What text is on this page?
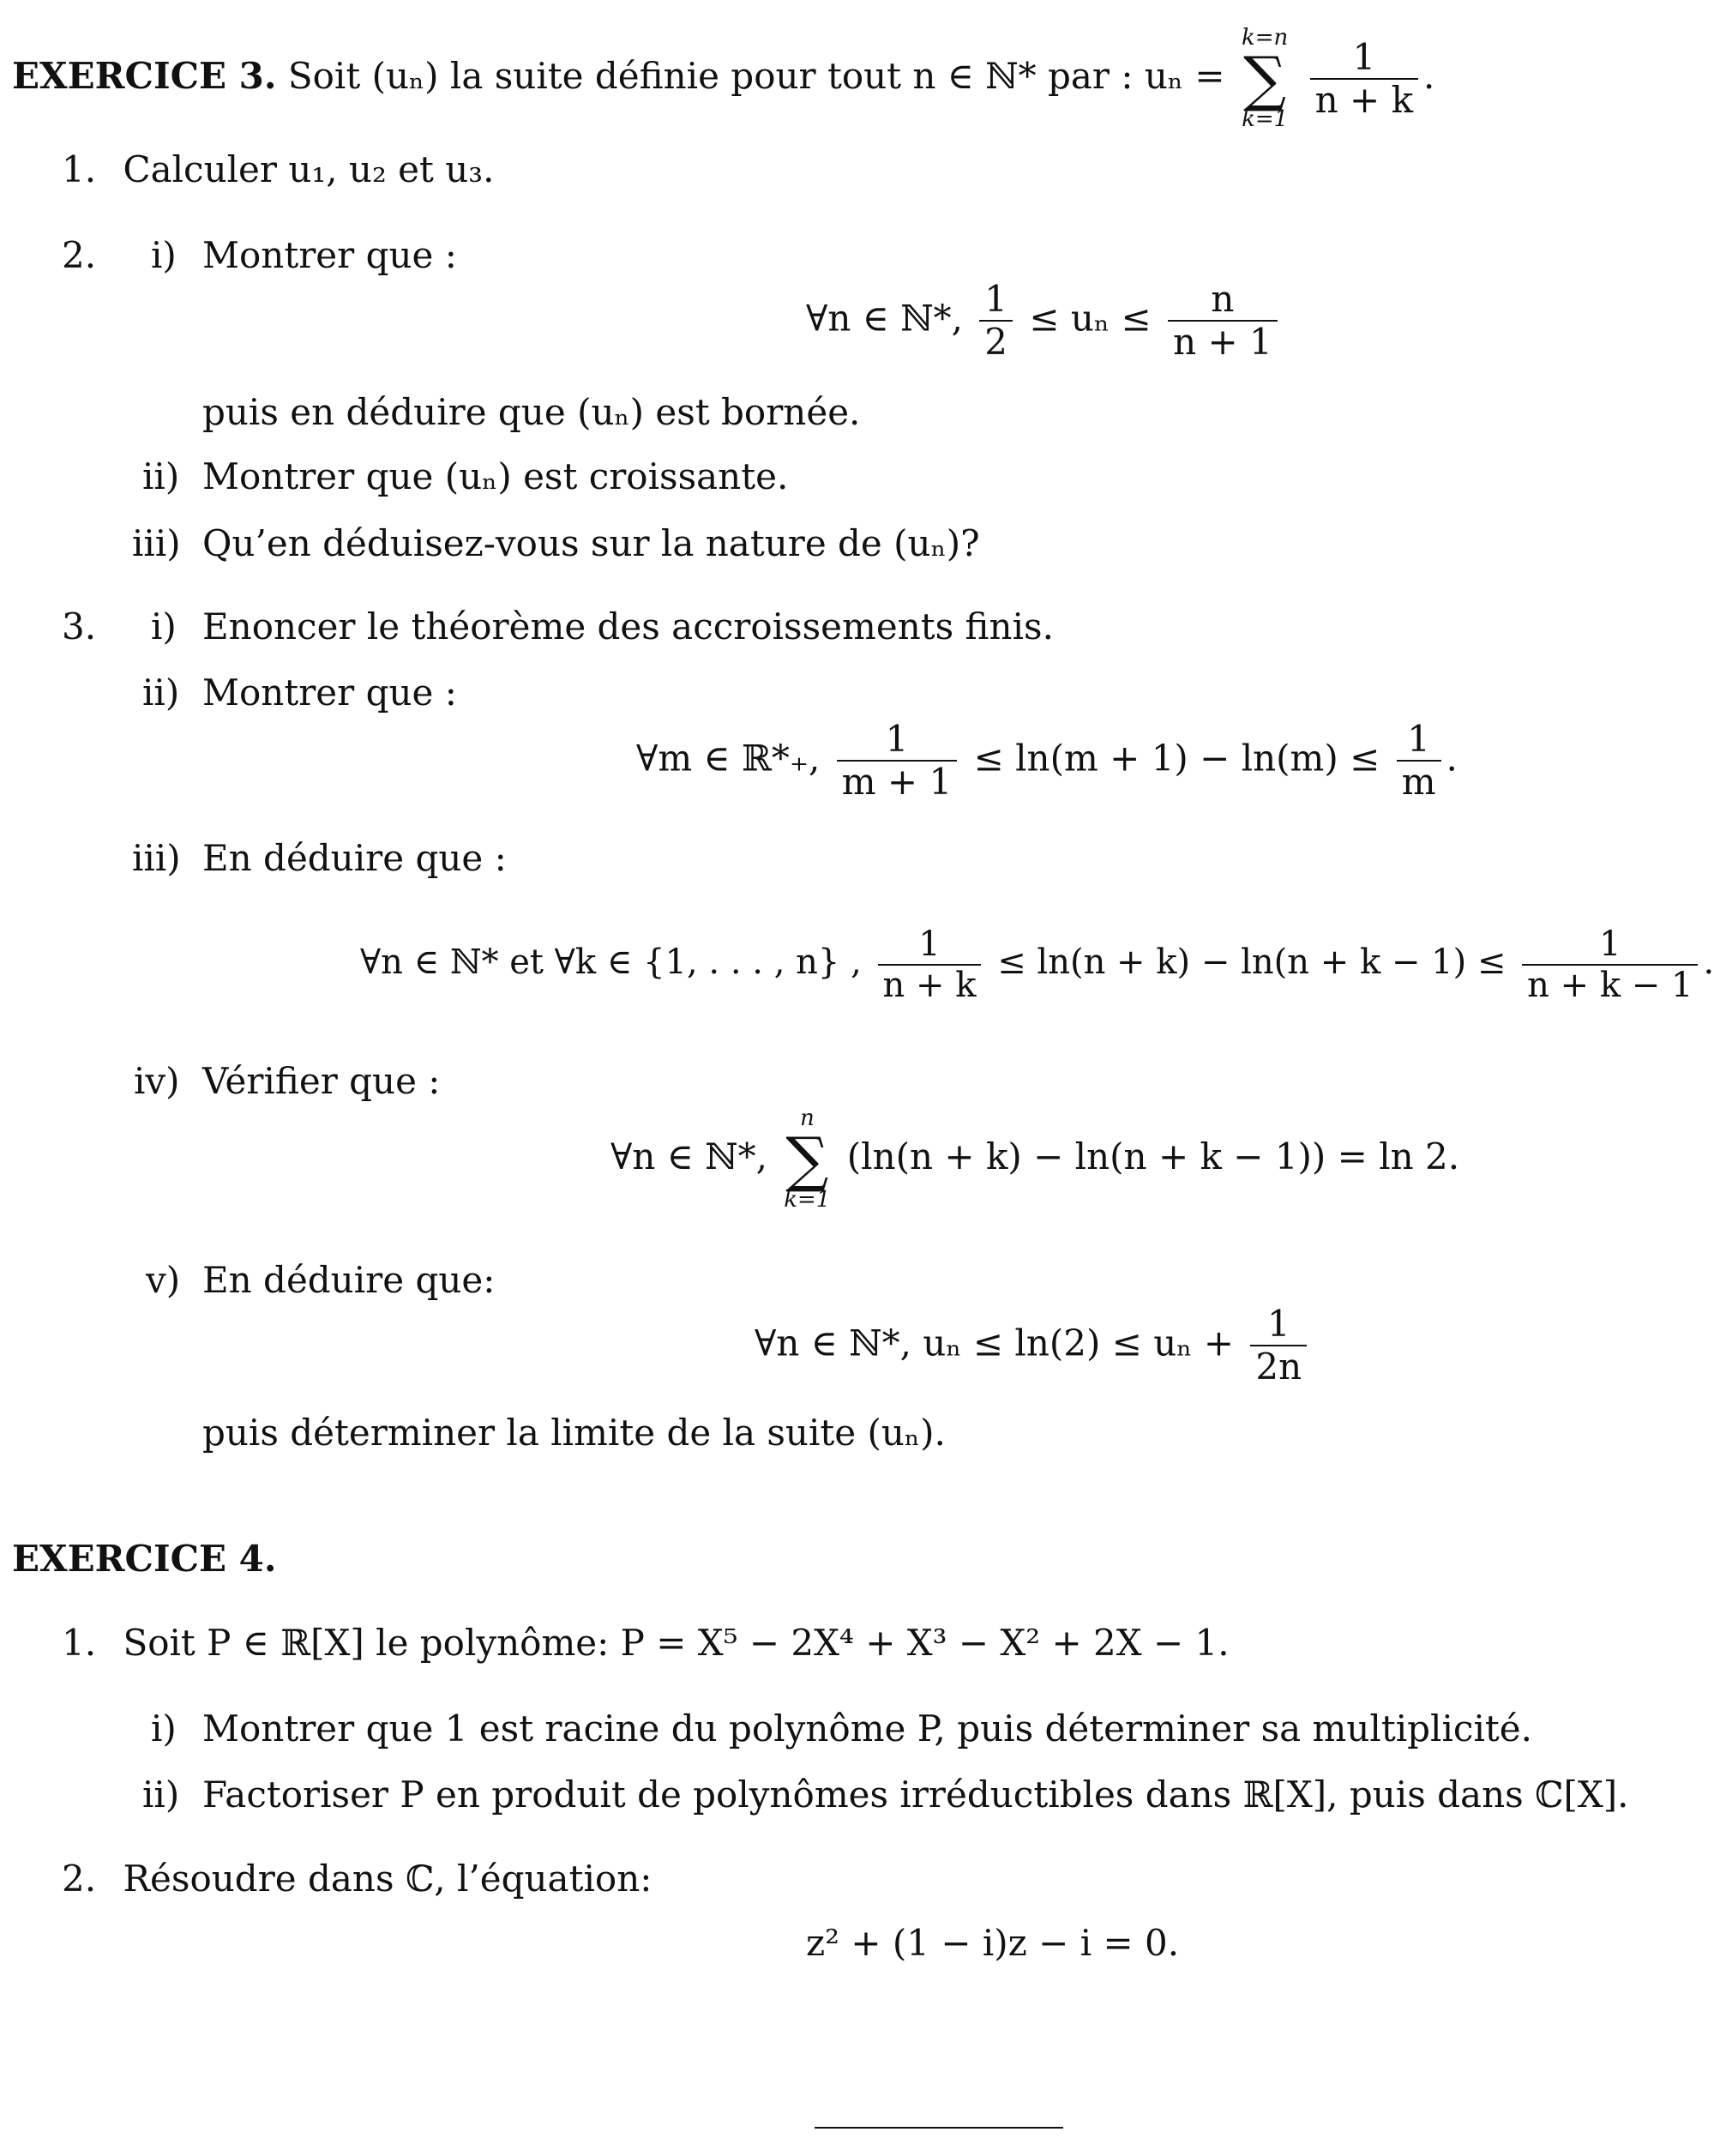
EXERCICE 3. Soit (uₙ) la suite définie pour tout n ∈ ℕ* par : uₙ =
k=n
∑
k=1
$\frac{1}{n + k}$ .
1. Calculer u₁, u₂ et u₃.
2. i) Montrer que :
∀n ∈ ℕ*, $\frac{1}{2} \le u_n \le \frac{n}{n + 1}$
puis en déduire que (uₙ) est bornée.
ii) Montrer que (uₙ) est croissante.
iii) Qu’en déduisez-vous sur la nature de (uₙ)?
3. i) Enoncer le théorème des accroissements finis.
ii) Montrer que :
∀m ∈ ℝ*₊, $\frac{1}{m + 1} \le \ln(m + 1) - \ln(m) \le \frac{1}{m}$ .
iii) En déduire que :
∀n ∈ ℕ* et ∀k ∈ {1, . . . , n} , $\frac{1}{n + k} \le \ln(n + k) - \ln(n + k - 1) \le \frac{1}{n + k - 1}$ .
iv) Vérifier que :
∀n ∈ ℕ*,
n
∑
k=1
(ln(n + k) − ln(n + k − 1)) = ln 2.
v) En déduire que:
∀n ∈ ℕ*, $u_n \le \ln(2) \le u_n + \frac{1}{2n}$
puis déterminer la limite de la suite (uₙ).
EXERCICE 4.
1. Soit P ∈ ℝ[X] le polynôme: P = X⁵ − 2X⁴ + X³ − X² + 2X − 1.
i) Montrer que 1 est racine du polynôme P, puis déterminer sa multiplicité.
ii) Factoriser P en produit de polynômes irréductibles dans ℝ[X], puis dans ℂ[X].
2. Résoudre dans ℂ, l’équation:
z² + (1 − i)z − i = 0.
